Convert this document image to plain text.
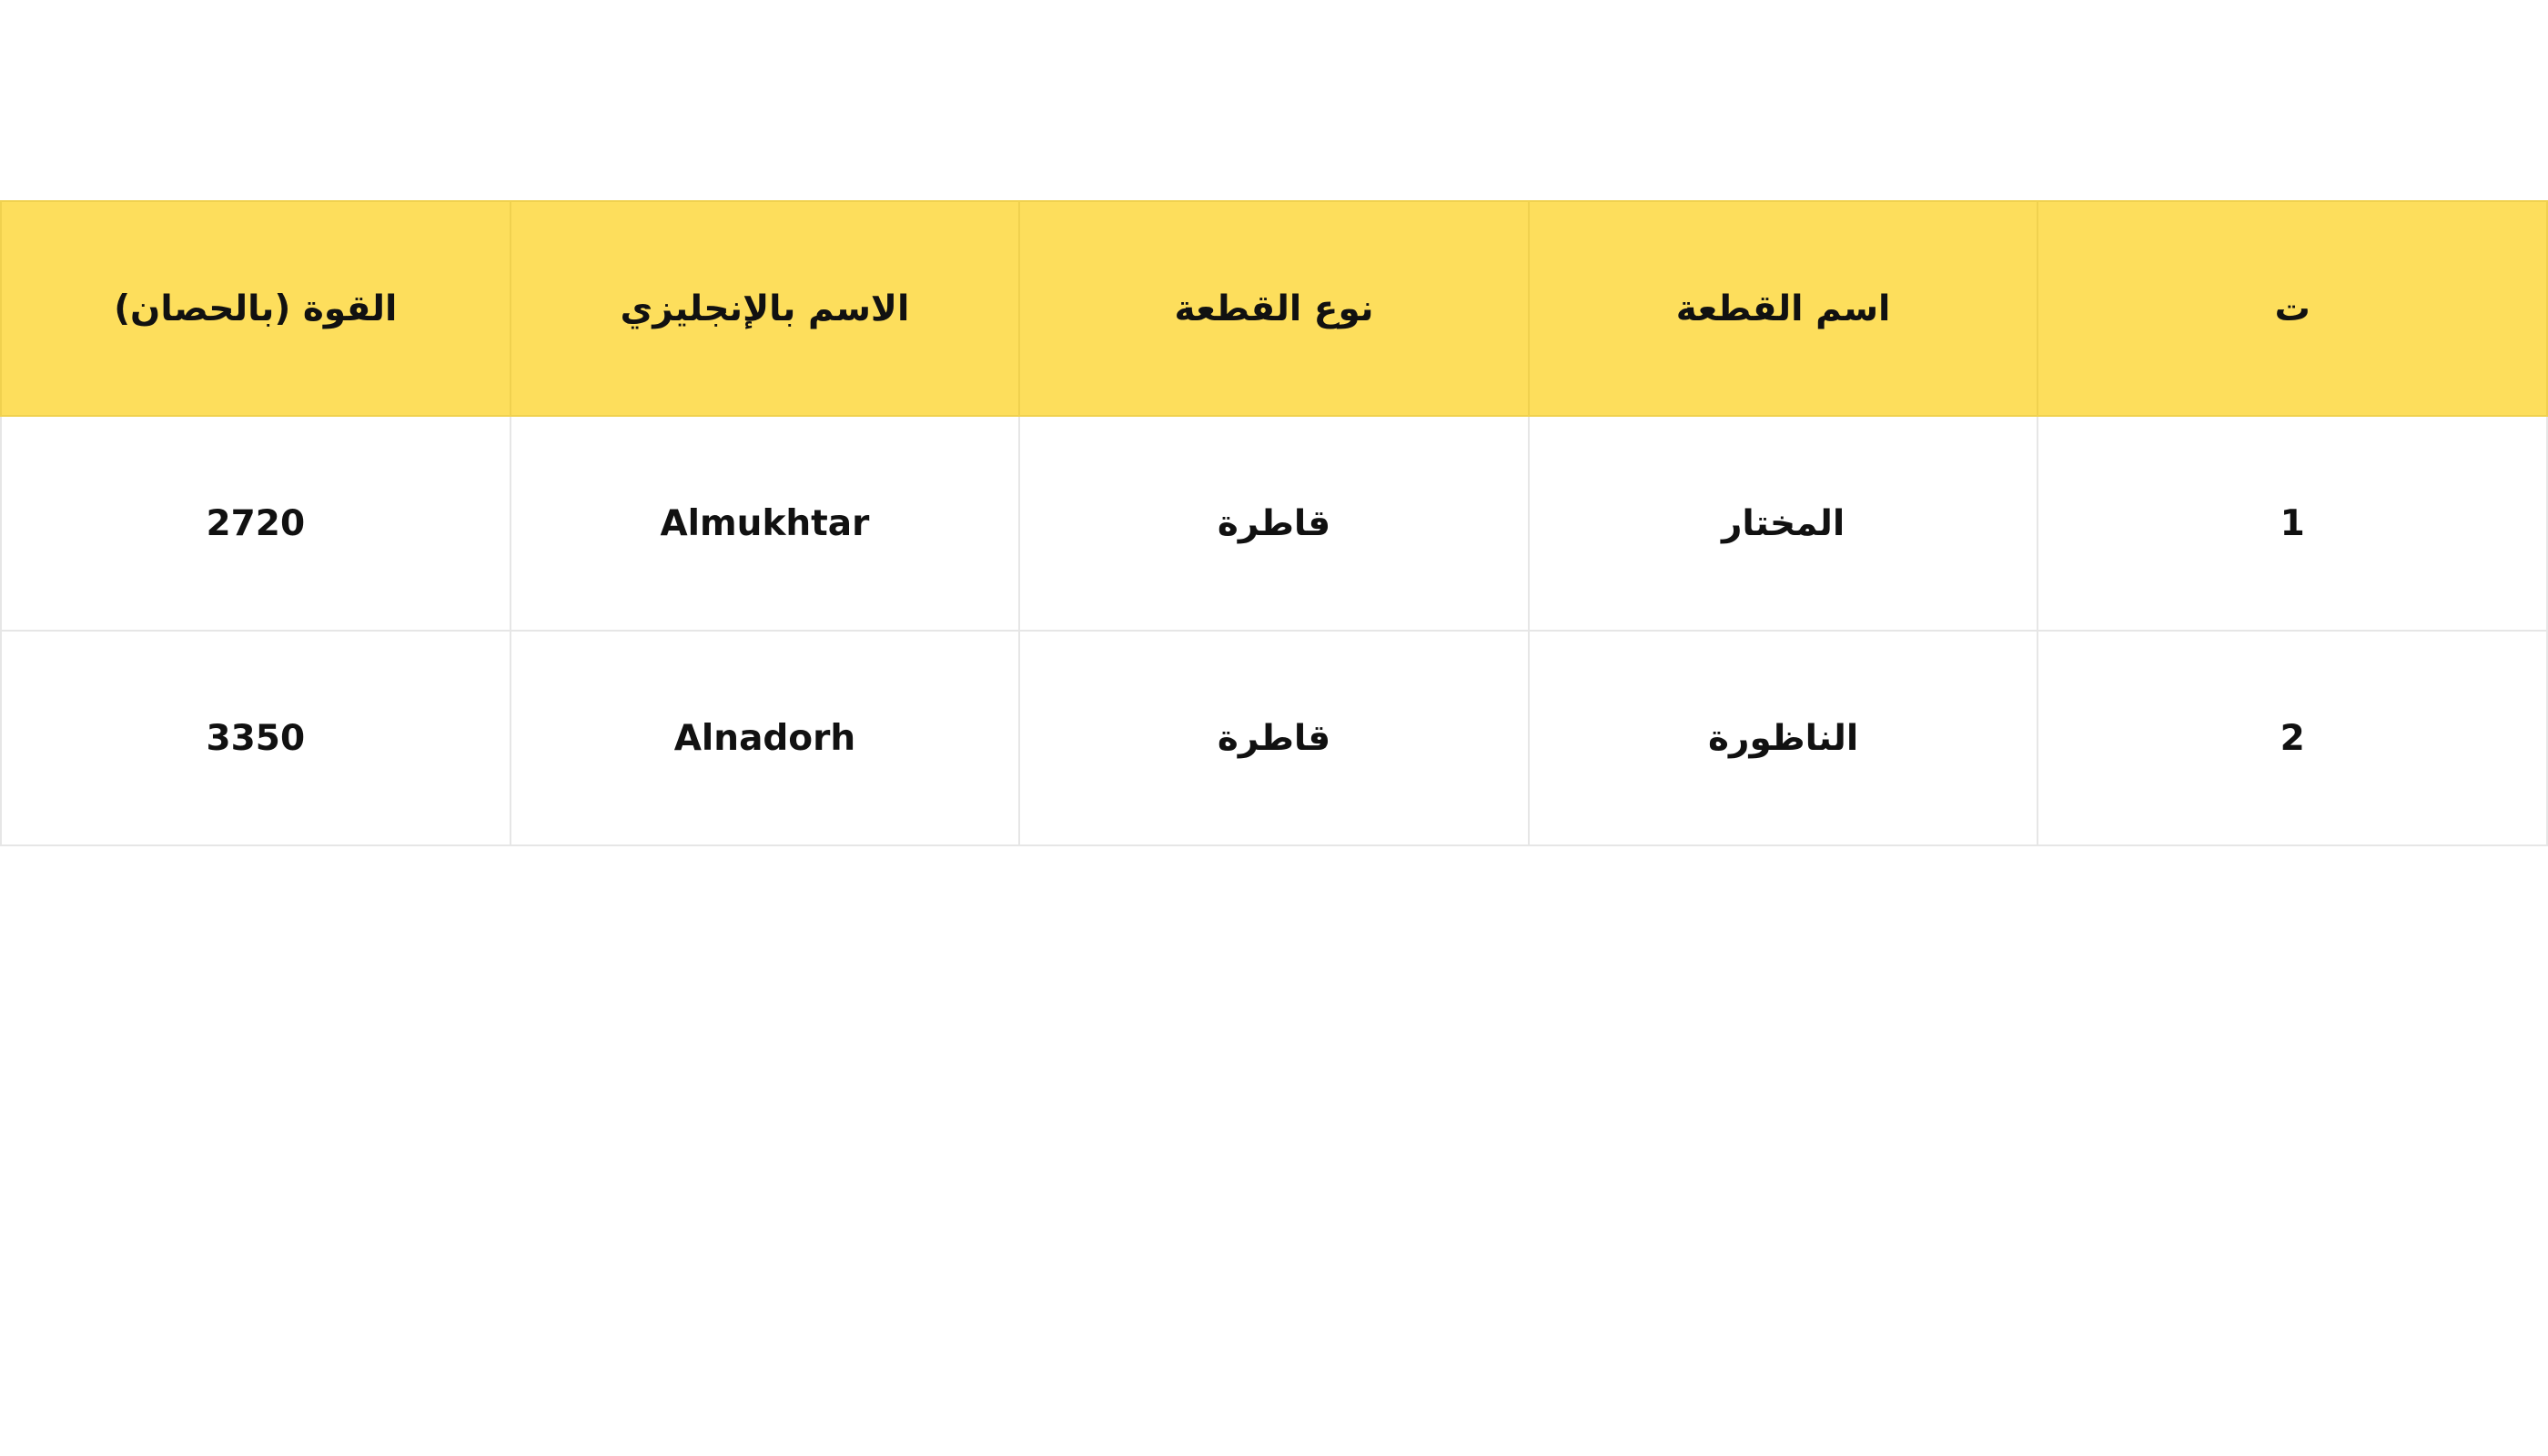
ت	اسم القطعة	نوع القطعة	الاسم بالإنجليزي	القوة (بالحصان)
1	المختار	قاطرة	Almukhtar	2720
2	الناظورة	قاطرة	Alnadorh	3350
